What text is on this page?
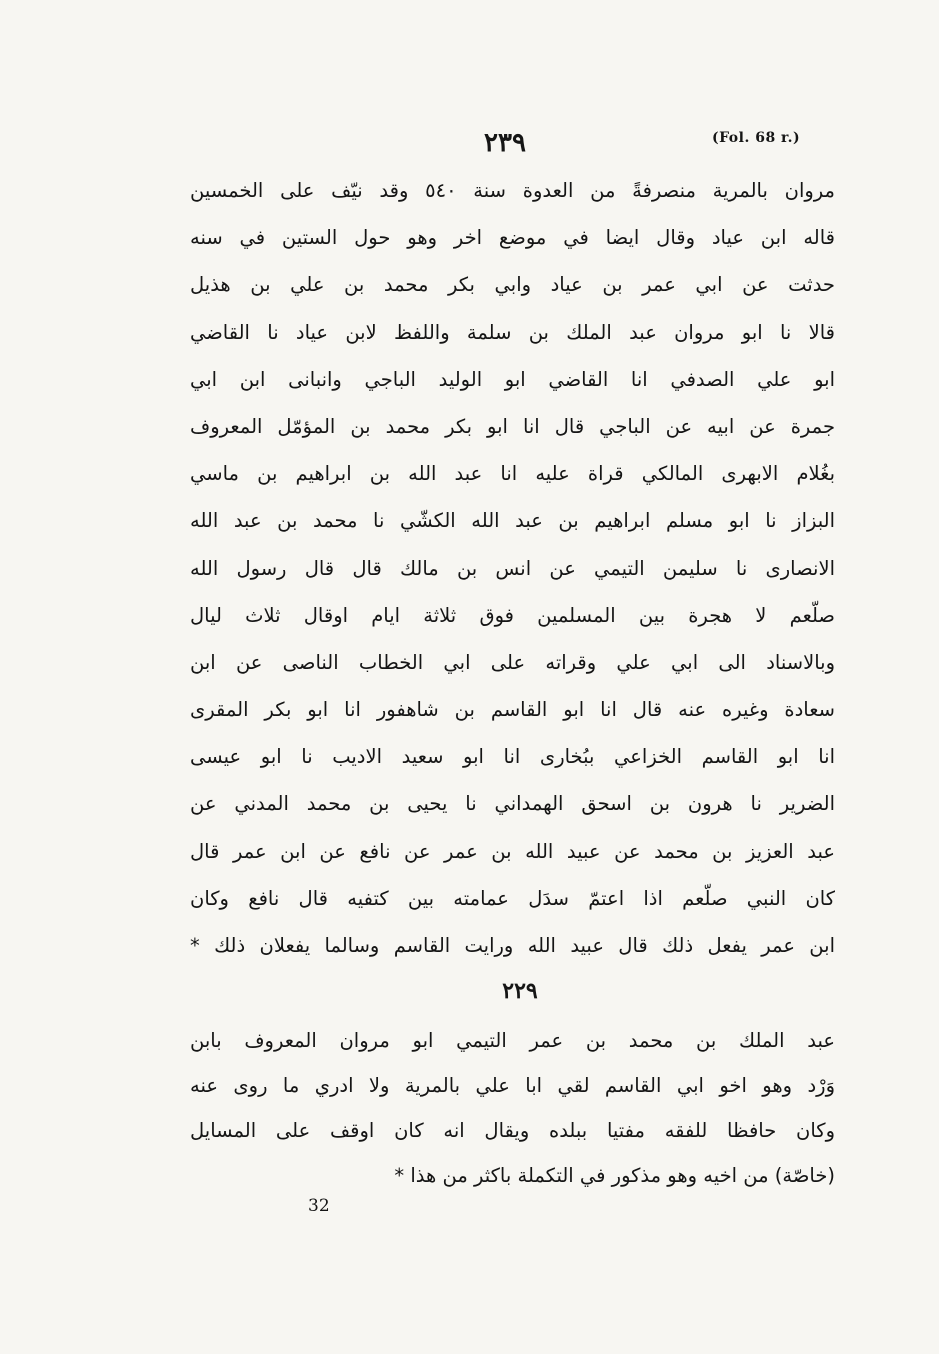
٢٣٩	(Fol. 68 r.)
مروان بالمرية منصرفةً من العدوة سنة ٥٤٠ وقد نيّف على الخمسين
قاله ابن عياد وقال ايضا في موضع اخر وهو حول الستين في سنه
حدثت عن ابي عمر بن عياد وابي بكر محمد بن علي بن هذيل
قالا نا ابو مروان عبد الملك بن سلمة واللفظ لابن عياد نا القاضي
ابو علي الصدفي انا القاضي ابو الوليد الباجي وانبانى ابن ابي
جمرة عن ابيه عن الباجي قال انا ابو بكر محمد بن المؤمّل المعروف
بغُلام الابهرى المالكي قراة عليه انا عبد الله بن ابراهيم بن ماسي
البزاز نا ابو مسلم ابراهيم بن عبد الله الكشّي نا محمد بن عبد الله
الانصارى نا سليمن التيمي عن انس بن مالك قال قال رسول الله
صلّعم لا هجرة بين المسلمين فوق ثلاثة ايام اوقال ثلاث ليال
وبالاسناد الى ابي علي وقراته على ابي الخطاب الناصى عن ابن
سعادة وغيره عنه قال انا ابو القاسم بن شاهفور انا ابو بكر المقرى
انا ابو القاسم الخزاعي ببُخارى انا ابو سعيد الاديب نا ابو عيسى
الضرير نا هرون بن اسحق الهمداني نا يحيى بن محمد المدني عن
عبد العزيز بن محمد عن عبيد الله بن عمر عن نافع عن ابن عمر قال
كان النبي صلّعم اذا اعتمّ سدَل عمامته بين كتفيه قال نافع وكان
ابن عمر يفعل ذلك قال عبيد الله ورايت القاسم وسالما يفعلان ذلك *
٢٢٩
عبد الملك بن محمد بن عمر التيمي ابو مروان المعروف بابن
وَرْد وهو اخو ابي القاسم لقي ابا علي بالمرية ولا ادري ما روى عنه
وكان حافظا للفقه مفتيا ببلده ويقال انه كان اوقف على المسايل
(خاصّة) من اخيه وهو مذكور في التكملة باكثر من هذا *
32
